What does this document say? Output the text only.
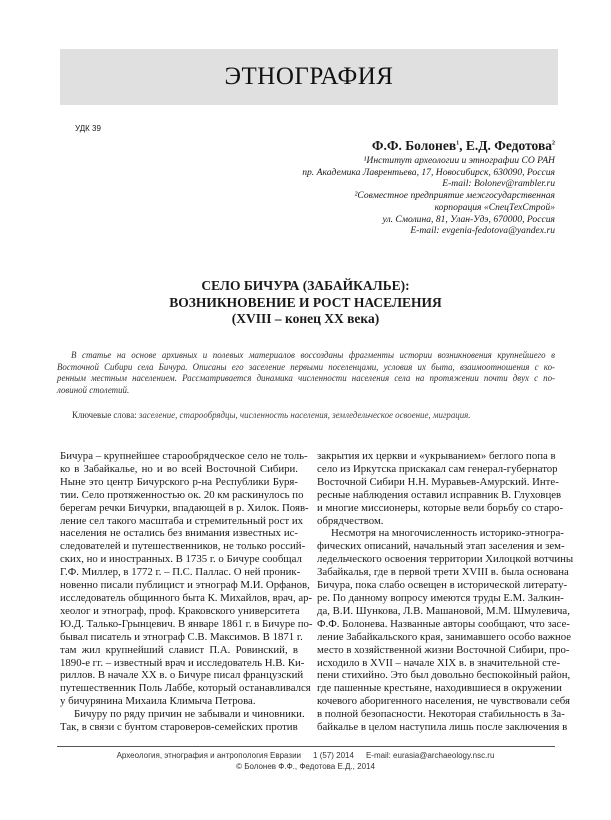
ЭТНОГРАФИЯ
УДК 39
Ф.Ф. Болонев$^1$, Е.Д. Федотова$^2$
¹Институт археологии и этнографии СО РАН
пр. Академика Лаврентьева, 17, Новосибирск, 630090, Россия
E-mail: Bolonev@rambler.ru
²Совместное предприятие межгосударственная
корпорация «СпецТехСтрой»
ул. Смолина, 81, Улан-Удэ, 670000, Россия
E-mail: evgenia-fedotova@yandex.ru
СЕЛО БИЧУРА (ЗАБАЙКАЛЬЕ):
ВОЗНИКНОВЕНИЕ И РОСТ НАСЕЛЕНИЯ
(XVIII – конец XX века)
В статье на основе архивных и полевых материалов воссозданы фрагменты истории возникновения крупнейшего в
Восточной Сибири села Бичура. Описаны его заселение первыми поселенцами, условия их быта, взаимоотношения с ко-
ренным местным населением. Рассматривается динамика численности населения села на протяжении почти двух с по-
ловиной столетий.
Ключевые слова: заселение, старообрядцы, численность населения, земледельческое освоение, миграция.
Бичура – крупнейшее старообрядческое село не толь-
ко в Забайкалье, но и во всей Восточной Сибири.
Ныне это центр Бичурского р-на Республики Буря-
тии. Село протяженностью ок. 20 км раскинулось по
берегам речки Бичурки, впадающей в р. Хилок. Появ-
ление сел такого масштаба и стремительный рост их
населения не остались без внимания известных ис-
следователей и путешественников, не только россий-
ских, но и иностранных. В 1735 г. о Бичуре сообщал
Г.Ф. Миллер, в 1772 г. – П.С. Паллас. О ней проник-
новенно писали публицист и этнограф М.И. Орфанов,
исследователь общинного быта К. Михайлов, врач, ар-
хеолог и этнограф, проф. Краковского университета
Ю.Д. Талько-Грынцевич. В январе 1861 г. в Бичуре по-
бывал писатель и этнограф С.В. Максимов. В 1871 г.
там жил крупнейший славист П.А. Ровинский, в
1890-е гг. – известный врач и исследователь Н.В. Ки-
риллов. В начале XX в. о Бичуре писал французский
путешественник Поль Лаббе, который останавливался
у бичурянина Михаила Климыча Петрова.
Бичуру по ряду причин не забывали и чиновники.
Так, в связи с бунтом староверов-семейских против
закрытия их церкви и «укрыванием» беглого попа в
село из Иркутска прискакал сам генерал-губернатор
Восточной Сибири Н.Н. Муравьев-Амурский. Инте-
ресные наблюдения оставил исправник В. Глуховцев
и многие миссионеры, которые вели борьбу со старо-
обрядчеством.
Несмотря на многочисленность историко-этногра-
фических описаний, начальный этап заселения и зем-
ледельческого освоения территории Хилоцкой вотчины
Забайкалья, где в первой трети XVIII в. была основана
Бичура, пока слабо освещен в исторической литерату-
ре. По данному вопросу имеются труды Е.М. Залкин-
да, В.И. Шункова, Л.В. Машановой, М.М. Шмулевича,
Ф.Ф. Болонева. Названные авторы сообщают, что засе-
ление Забайкальского края, занимавшего особо важное
место в хозяйственной жизни Восточной Сибири, про-
исходило в XVII – начале XIX в. в значительной сте-
пени стихийно. Это был довольно беспокойный район,
где пашенные крестьяне, находившиеся в окружении
кочевого аборигенного населения, не чувствовали себя
в полной безопасности. Некоторая стабильность в За-
байкалье в целом наступила лишь после заключения в
Археология, этнография и антропология Евразии 1 (57) 2014 E-mail: eurasia@archaeology.nsc.ru
© Болонев Ф.Ф., Федотова Е.Д., 2014
